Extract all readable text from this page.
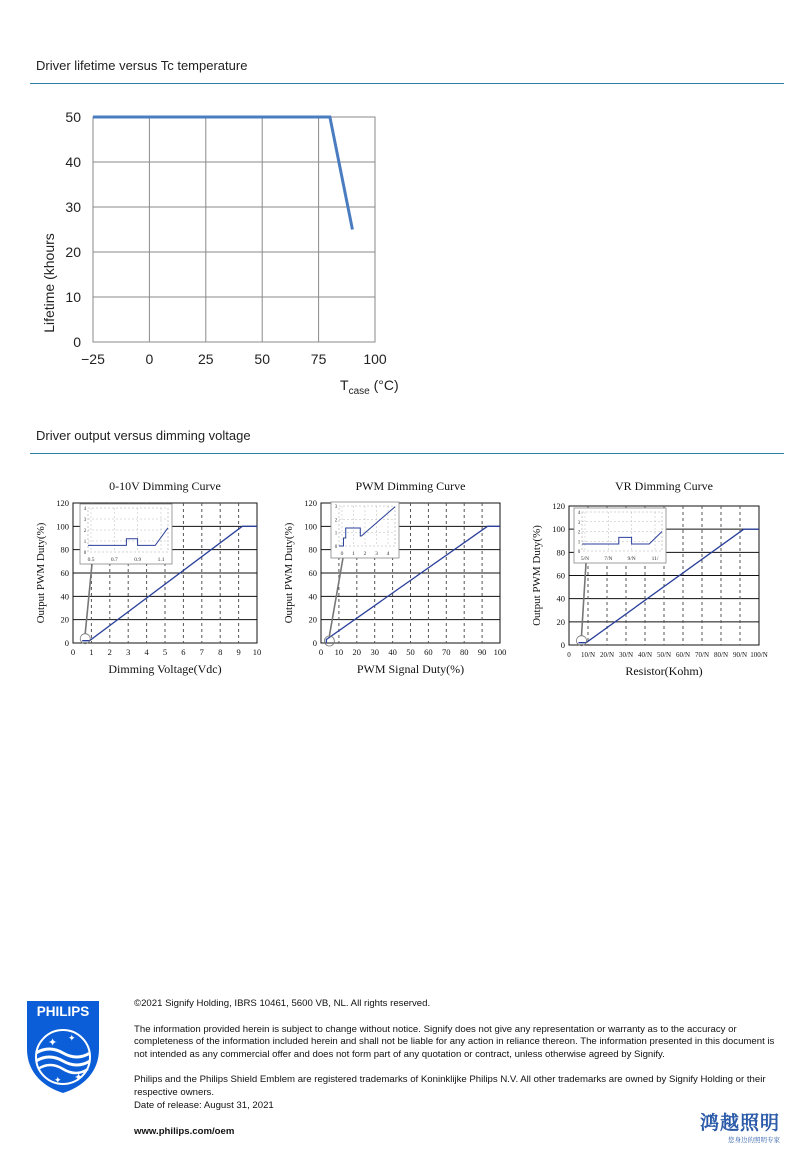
Driver lifetime versus Tc temperature
−25	0	25	50	75	100
0
10
20
30
40
50
Lifetime (khours
$T_{case}$ (°C)
Driver output versus dimming voltage
0-10V Dimming Curve
0
20
40
60
80
100
120
0 1 2 3 4 5 6 7 8 9 10
Output PWM Duty(%)
Dimming Voltage(Vdc)
0
1
2
3
4
0.5	0.7	0.9	1.1
PWM Dimming Curve
0
20
40
60
80
100
120
0 10 20 30 40 50 60 70 80 90 100
Output PWM Duty(%)
PWM Signal Duty(%)
0
1
2
3
0 1 2 3 4
VR Dimming Curve
0
20
40
60
80
100
120
0 10/N 20/N 30/N 40/N 50/N 60/N 70/N 80/N 90/N 100/N
Output PWM Duty(%)
Resistor(Kohm)
0
1
2
3
4
5/N	7/N	9/N	11/
PHILIPS
✦ ✦
✦ ✦

©2021 Signify Holding, IBRS 10461, 5600 VB, NL. All rights reserved.

The information provided herein is subject to change without notice. Signify does not give any representation or warranty as to the accuracy or completeness of the information included herein and shall not be liable for any action in reliance thereon. The information presented in this document is not intended as any commercial offer and does not form part of any quotation or contract, unless otherwise agreed by Signify.

Philips and the Philips Shield Emblem are registered trademarks of Koninklijke Philips N.V. All other trademarks are owned by Signify Holding or their respective owners.

Date of release: August 31, 2021

www.philips.com/oem	鸿越照明
您身边的照明专家
